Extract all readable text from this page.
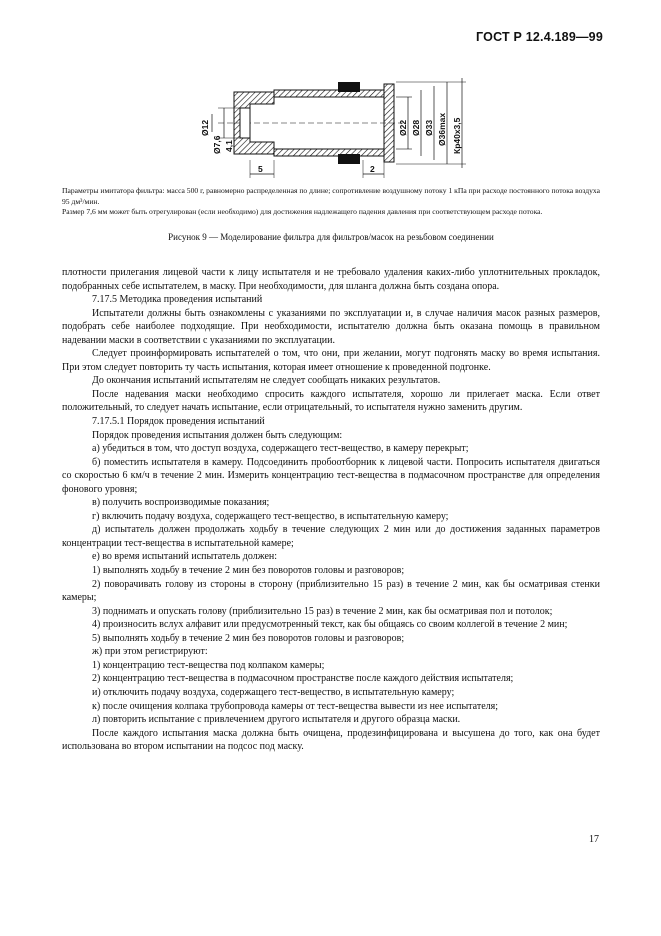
ГОСТ Р 12.4.189—99
Ø12
Ø7,6 4,1
5	2
Ø22 Ø28 Ø33 Ø36max Кр40х3,5
Параметры имитатора фильтра: масса 500 г, равномерно распределенная по длине; сопротивление воздушному потоку 1 кПа при расходе постоянного потока воздуха 95 дм³/мин.
Размер 7,6 мм может быть отрегулирован (если необходимо) для достижения надлежащего падения давления при соответствующем расходе потока.
Рисунок 9 — Моделирование фильтра для фильтров/масок на резьбовом соединении

плотности прилегания лицевой части к лицу испытателя и не требовало удаления каких-либо уплотнительных прокладок, подобранных себе испытателем, в маску. При необходимости, для шланга должна быть создана опора.

7.17.5 Методика проведения испытаний

Испытатели должны быть ознакомлены с указаниями по эксплуатации и, в случае наличия масок разных размеров, подобрать себе наиболее подходящие. При необходимости, испытателю должна быть оказана помощь в правильном надевании маски в соответствии с указаниями по эксплуатации.

Следует проинформировать испытателей о том, что они, при желании, могут подгонять маску во время испытания. При этом следует повторить ту часть испытания, которая имеет отношение к проведенной подгонке.

До окончания испытаний испытателям не следует сообщать никаких результатов.

После надевания маски необходимо спросить каждого испытателя, хорошо ли прилегает маска. Если ответ положительный, то следует начать испытание, если отрицательный, то испытателя нужно заменить другим.

7.17.5.1 Порядок проведения испытаний

Порядок проведения испытания должен быть следующим:

а) убедиться в том, что доступ воздуха, содержащего тест-вещество, в камеру перекрыт;

б) поместить испытателя в камеру. Подсоединить пробоотборник к лицевой части. Попросить испытателя двигаться со скоростью 6 км/ч в течение 2 мин. Измерить концентрацию тест-вещества в подмасочном пространстве для определения фонового уровня;

в) получить воспроизводимые показания;

г) включить подачу воздуха, содержащего тест-вещество, в испытательную камеру;

д) испытатель должен продолжать ходьбу в течение следующих 2 мин или до достижения заданных параметров концентрации тест-вещества в испытательной камере;

е) во время испытаний испытатель должен:

1) выполнять ходьбу в течение 2 мин без поворотов головы и разговоров;

2) поворачивать голову из стороны в сторону (приблизительно 15 раз) в течение 2 мин, как бы осматривая стенки камеры;

3) поднимать и опускать голову (приблизительно 15 раз) в течение 2 мин, как бы осматривая пол и потолок;

4) произносить вслух алфавит или предусмотренный текст, как бы общаясь со своим коллегой в течение 2 мин;

5) выполнять ходьбу в течение 2 мин без поворотов головы и разговоров;

ж) при этом регистрируют:

1) концентрацию тест-вещества под колпаком камеры;

2) концентрацию тест-вещества в подмасочном пространстве после каждого действия испытателя;

и) отключить подачу воздуха, содержащего тест-вещество, в испытательную камеру;

к) после очищения колпака трубопровода камеры от тест-вещества вывести из нее испытателя;

л) повторить испытание с привлечением другого испытателя и другого образца маски.

После каждого испытания маска должна быть очищена, продезинфицирована и высушена до того, как она будет использована во втором испытании на подсос под маску.

17
